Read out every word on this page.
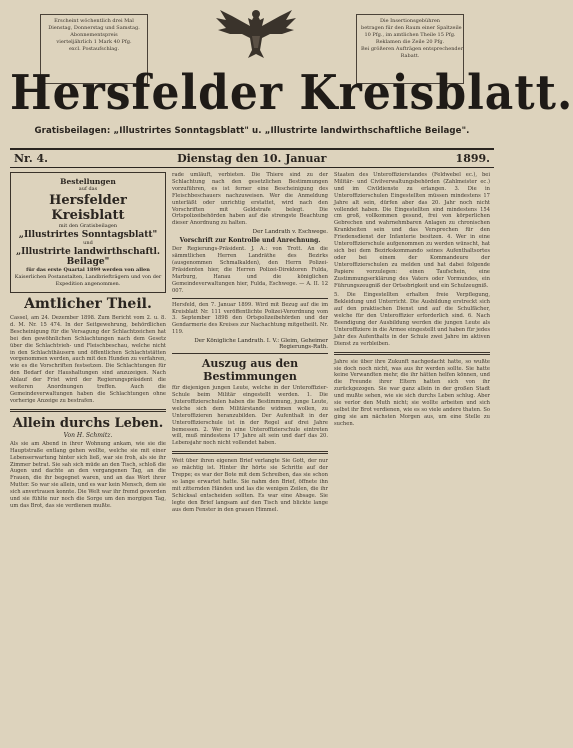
Erscheint wöchentlich drei Mal
Dienstag, Donnerstag und Samstag.
Abonnementspreis
vierteljährlich 1 Mark 40 Pfg.
excl. Postaufschlag.
Die Insertionsgebühren
betragen für den Raum einer Spaltzeile
10 Pfg., im amtlichen Theile 15 Pfg.
Reklamen die Zeile 20 Pfg.
Bei größeren Aufträgen entsprechender
Rabatt.
Hersfelder Kreisblatt.
Gratisbeilagen: „Illustrirtes Sonntagsblatt" u. „Illustrirte landwirthschaftliche Beilage".
Nr. 4.	Dienstag den 10. Januar	1899.
Bestellungen
auf das
Hersfelder Kreisblatt
mit den Gratisbeilagen
„Illustrirtes Sonntagsblatt"
und
„Illustrirte landwirthschaftl. Beilage"
für das erste Quartal 1899 werden von allen
Kaiserlichen Postanstalten, Landbriefträgern und von der Expedition angenommen.
Amtlicher Theil.

Cassel, am 24. Dezember 1898. Zum Bericht vom 2. u. 8. d. M. Nr. 15 474. In der Seitgewehrung, behördlichen Bescheinigung für die Versagung der Schlachtzeichen hat bei den gewöhnlichen Schlachtungen nach dem Gesetz über die Schlachtvieh- und Fleischbeschau, welche nicht in den Schlachthäusern und öffentlichen Schlachtstätten vorgenommen werden, auch mit den Hunden zu verfahren, wie es die Vorschriften festsetzen. Die Schlachtungen für den Bedarf der Haushaltungen sind anzuzeigen. Nach Ablauf der Frist wird der Regierungspräsident die weiteren Anordnungen treffen. Auch die Gemeindeverwaltungen haben die Schlachtungen ohne vorherige Anzeige zu bestrafen.

Allein durchs Leben.
Von H. Schmitz.

Als sie am Abend in ihrer Wohnung ankam, wie sie die Hauptstraße entlang gehen wollte, welche sie mit einer Lebenserwartung hinter sich ließ, war sie froh, als sie ihr Zimmer betrat. Sie sah sich müde an den Tisch, schloß die Augen und dachte an den vergangenen Tag, an die Frauen, die ihr begegnet waren, und an das Wort ihrer Mutter. So war sie allein, und es war kein Mensch, dem sie sich anvertrauen konnte. Die Welt war ihr fremd geworden und sie fühlte nur noch die Sorge um den morgigen Tag, um das Brot, das sie verdienen mußte.

rade umläuft, verbieten. Die Thiere sind zu der Schlachtung nach den gesetzlichen Bestimmungen vorzuführen, es ist ferner eine Bescheinigung des Fleischbeschauers nachzuweisen. Wer die Anmeldung unterläßt oder unrichtig erstattet, wird nach den Vorschriften mit Geldstrafe belegt. Die Ortspolizeibehörden haben auf die strengste Beachtung dieser Anordnung zu halten.

Der Landrath v. Eschwege.
Vorschrift zur Kontrolle und Anrechnung.

Der Regierungs-Präsident. J. A.: von Trott. An die sämmtlichen Herren Landräthe des Bezirks (ausgenommen Schmalkalden), den Herrn Polizei-Präsidenten hier, die Herren Polizei-Direktoren Fulda, Marburg, Hanau und die königlichen Gemeindeverwaltungen hier, Fulda, Eschwege. — A. II. 12 007.

Hersfeld, den 7. Januar 1899. Wird mit Bezug auf die im Kreisblatt Nr. 111 veröffentlichte Polizei-Verordnung vom 3. September 1898 den Ortspolizeibehörden und der Gendarmerie des Kreises zur Nachachtung mitgetheilt. Nr. 119.

Der Königliche Landrath. I. V.: Gleim, Geheimer Regierungs-Rath.
Auszug aus den Bestimmungen

für diejenigen jungen Leute, welche in der Unteroffizier-Schule beim Militär eingestellt werden. 1. Die Unteroffizierschulen haben die Bestimmung, junge Leute, welche sich dem Militärstande widmen wollen, zu Unteroffizieren heranzubilden. Der Aufenthalt in der Unteroffizierschule ist in der Regel auf drei Jahre bemessen. 2. Wer in eine Unteroffizierschule eintreten will, muß mindestens 17 Jahre alt sein und darf das 20. Lebensjahr noch nicht vollendet haben.

Weit über ihren eigenen Brief verlangte Sie Gott, der nur so mächtig ist. Hinter ihr hörte sie Schritte auf der Treppe; es war der Bote mit dem Schreiben, das sie schon so lange erwartet hatte. Sie nahm den Brief, öffnete ihn mit zitternden Händen und las die wenigen Zeilen, die ihr Schicksal entscheiden sollten. Es war eine Absage. Sie legte den Brief langsam auf den Tisch und blickte lange aus dem Fenster in den grauen Himmel.

Staaten des Unteroffizierstandes (Feldwebel ec.), bei Militär- und Civilverwaltungsbehörden (Zahlmeister ec.) und im Civildienste zu erlangen. 3. Die in Unteroffizierschulen Eingestellten müssen mindestens 17 Jahre alt sein, dürfen aber das 20. Jahr noch nicht vollendet haben. Die Eingestellten sind mindestens 154 cm groß, vollkommen gesund, frei von körperlichen Gebrechen und wahrnehmbaren Anlagen zu chronischen Krankheiten sein und das Versprechen für den Friedensdienst der Infanterie besitzen. 4. Wer in eine Unteroffizierschule aufgenommen zu werden wünscht, hat sich bei dem Bezirkskommando seines Aufenthaltsortes oder bei einem der Kommandeure der Unteroffizierschulen zu melden und hat dabei folgende Papiere vorzulegen: einen Taufschein, eine Zustimmungserklärung des Vaters oder Vormundes, ein Führungszeugniß der Ortsobrigkeit und ein Schulzeugniß.

5. Die Eingestellten erhalten freie Verpflegung, Bekleidung und Unterricht. Die Ausbildung erstreckt sich auf den praktischen Dienst und auf die Schulfächer, welche für den Unteroffizier erforderlich sind. 6. Nach Beendigung der Ausbildung werden die jungen Leute als Unteroffiziere in die Armee eingestellt und haben für jedes Jahr des Aufenthalts in der Schule zwei Jahre im aktiven Dienst zu verbleiben.

Jahre sie über ihre Zukunft nachgedacht hatte, so wußte sie doch noch nicht, was aus ihr werden sollte. Sie hatte keine Verwandten mehr, die ihr hätten helfen können, und die Freunde ihrer Eltern hatten sich von ihr zurückgezogen. Sie war ganz allein in der großen Stadt und mußte sehen, wie sie sich durchs Leben schlug. Aber sie verlor den Muth nicht; sie wollte arbeiten und sich selbst ihr Brot verdienen, wie es so viele andere thaten. So ging sie am nächsten Morgen aus, um eine Stelle zu suchen.
